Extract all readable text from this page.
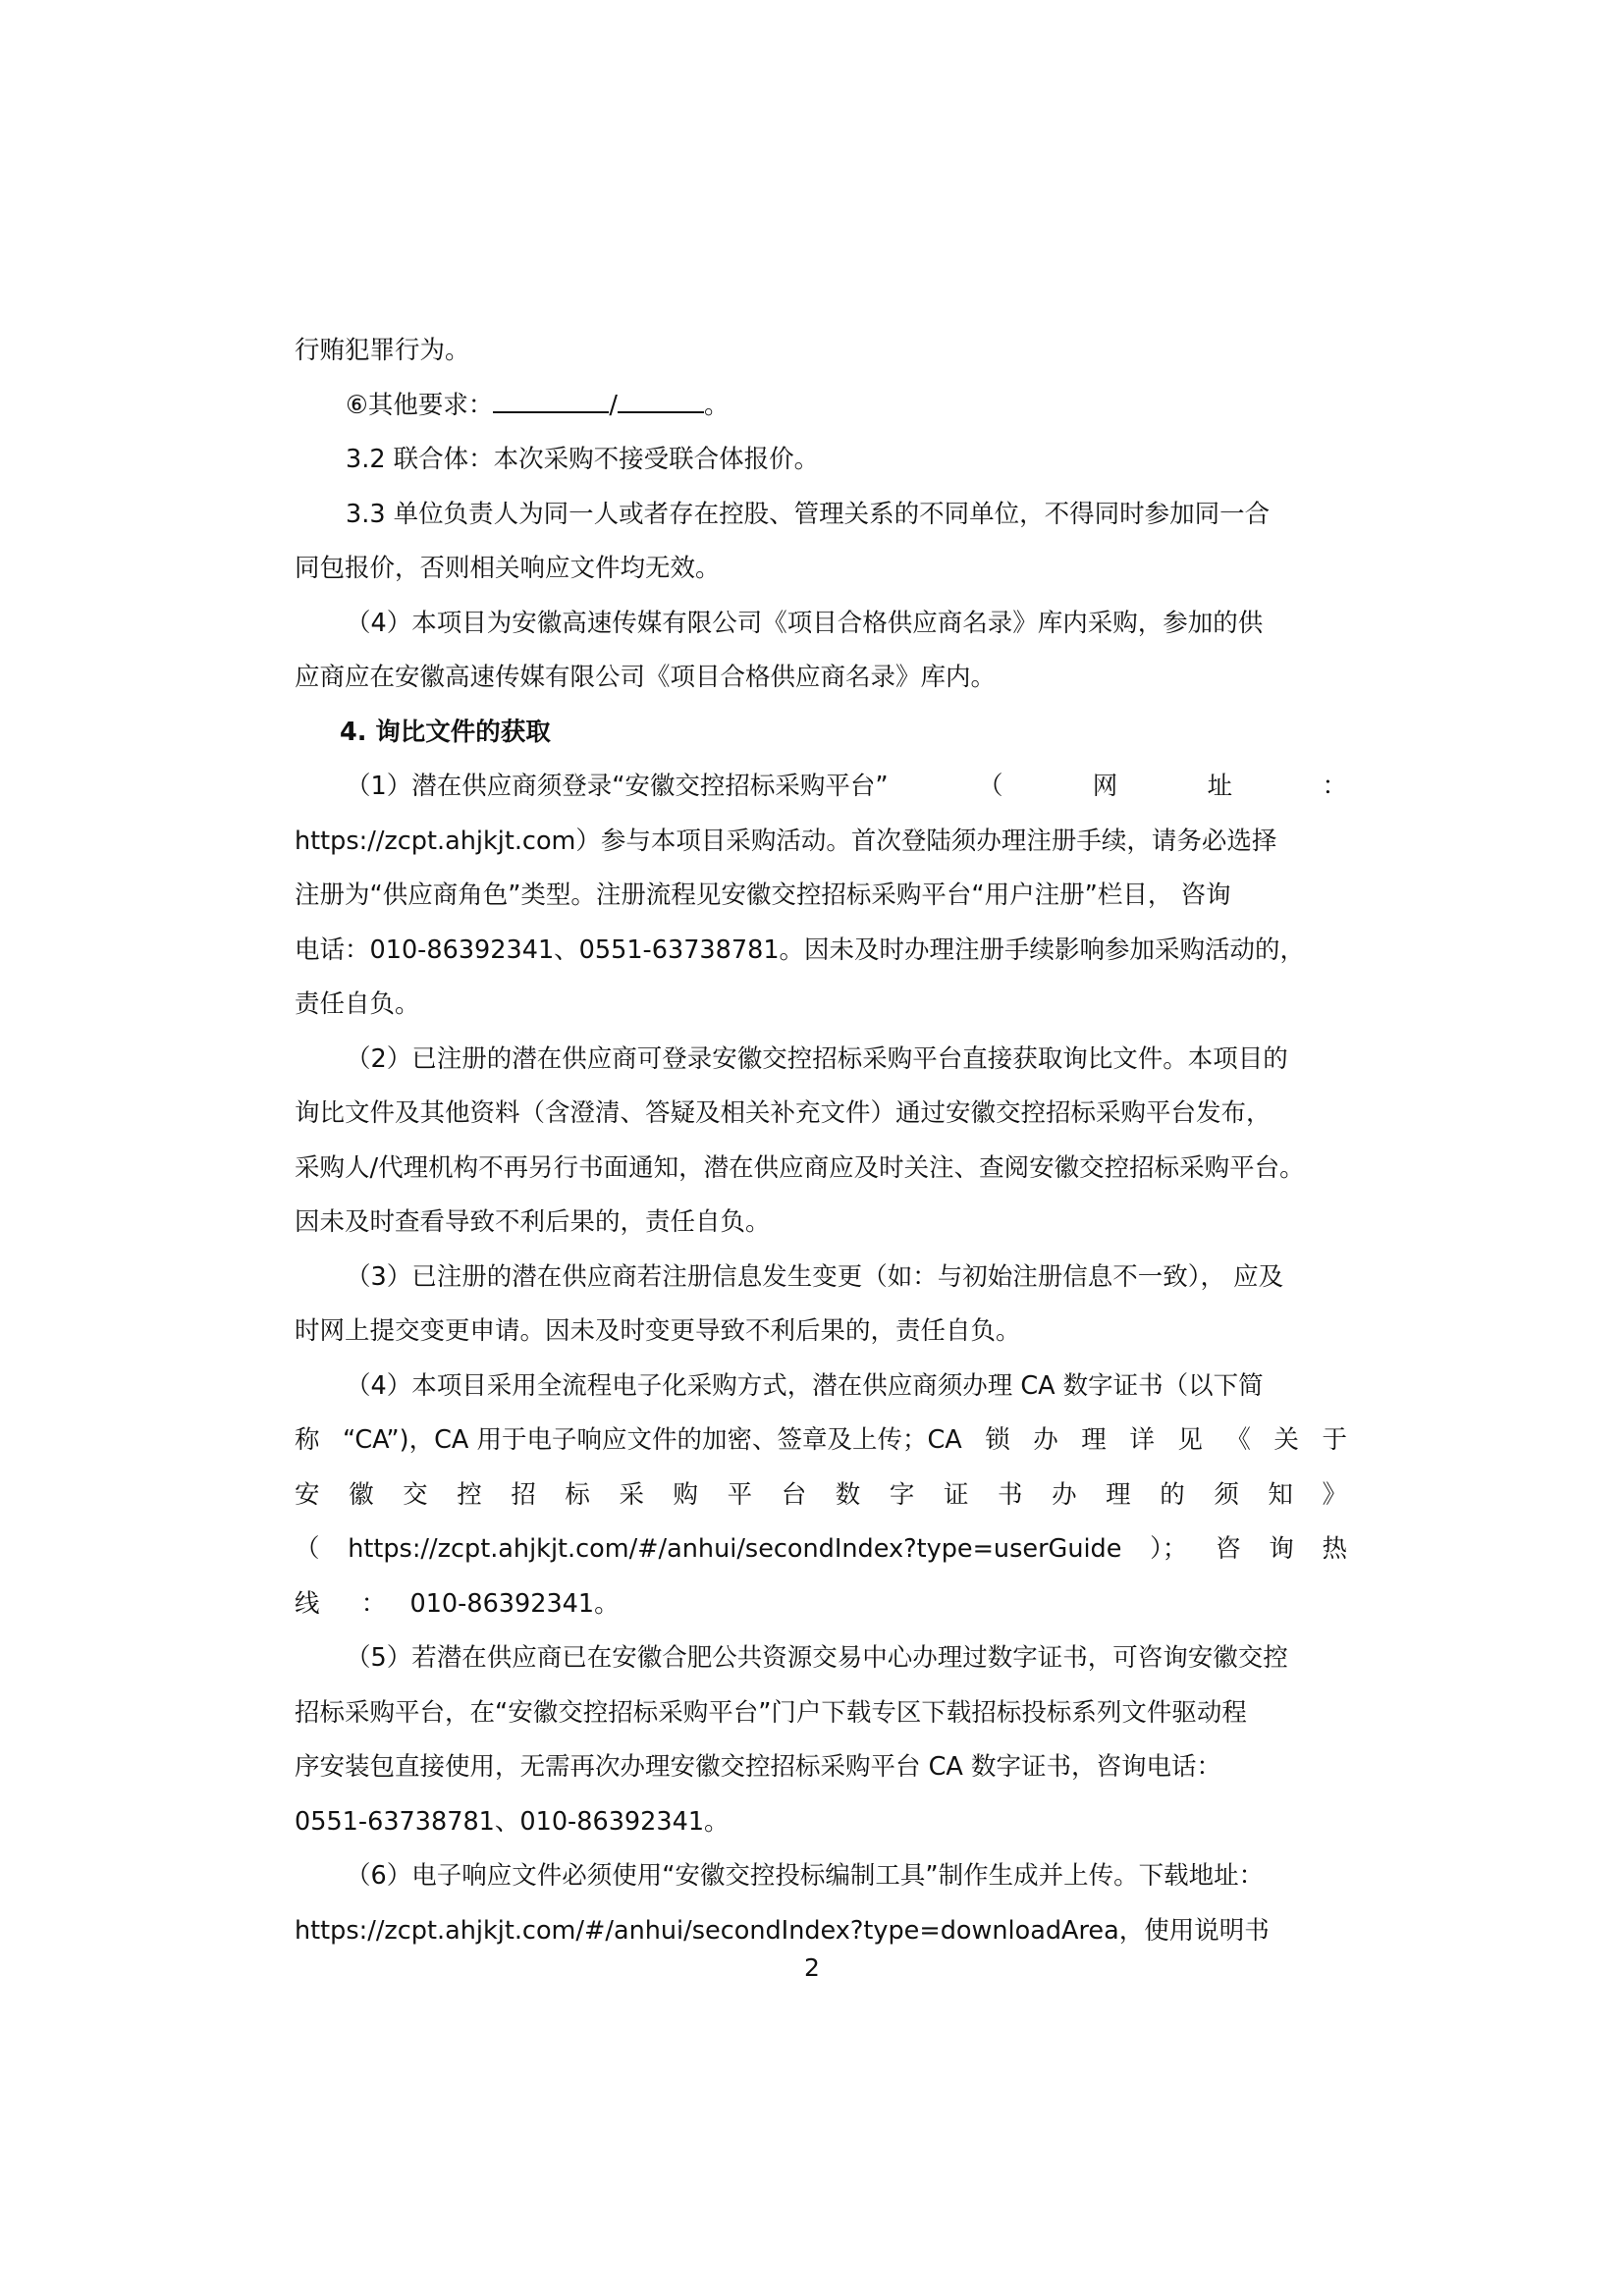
行贿犯罪行为。
⑥其他要求：	/	。
3.2 联合体：本次采购不接受联合体报价。
3.3 单位负责人为同一人或者存在控股、管理关系的不同单位，不得同时参加同一合
同包报价，否则相关响应文件均无效。
（4）本项目为安徽高速传媒有限公司《项目合格供应商名录》库内采购，参加的供
应商应在安徽高速传媒有限公司《项目合格供应商名录》库内。
4. 询比文件的获取
（1）潜在供应商须登录“安徽交控招标采购平台”	（	网	址	：
https://zcpt.ahjkjt.com）参与本项目采购活动。首次登陆须办理注册手续，请务必选择
注册为“供应商角色”类型。注册流程见安徽交控招标采购平台“用户注册”栏目， 咨询
电话：010-86392341、0551-63738781。因未及时办理注册手续影响参加采购活动的，
责任自负。
（2）已注册的潜在供应商可登录安徽交控招标采购平台直接获取询比文件。本项目的
询比文件及其他资料（含澄清、答疑及相关补充文件）通过安徽交控招标采购平台发布，
采购人/代理机构不再另行书面通知，潜在供应商应及时关注、查阅安徽交控招标采购平台。
因未及时查看导致不利后果的，责任自负。
（3）已注册的潜在供应商若注册信息发生变更（如：与初始注册信息不一致）， 应及
时网上提交变更申请。因未及时变更导致不利后果的，责任自负。
（4）本项目采用全流程电子化采购方式，潜在供应商须办理 CA 数字证书（以下简
称 “CA”)，CA 用于电子响应文件的加密、签章及上传；CA 锁 办 理 详 见 《 关 于
安 徽 交 控 招 标 采 购 平 台 数 字 证 书 办 理 的 须 知 》
（ https://zcpt.ahjkjt.com/#/anhui/secondIndex?type=userGuide ）； 咨 询 热
线 ： 010-86392341。
（5）若潜在供应商已在安徽合肥公共资源交易中心办理过数字证书，可咨询安徽交控
招标采购平台，在“安徽交控招标采购平台”门户下载专区下载招标投标系列文件驱动程
序安装包直接使用，无需再次办理安徽交控招标采购平台 CA 数字证书，咨询电话：
0551-63738781、010-86392341。
（6）电子响应文件必须使用“安徽交控投标编制工具”制作生成并上传。下载地址：
https://zcpt.ahjkjt.com/#/anhui/secondIndex?type=downloadArea，使用说明书
2
